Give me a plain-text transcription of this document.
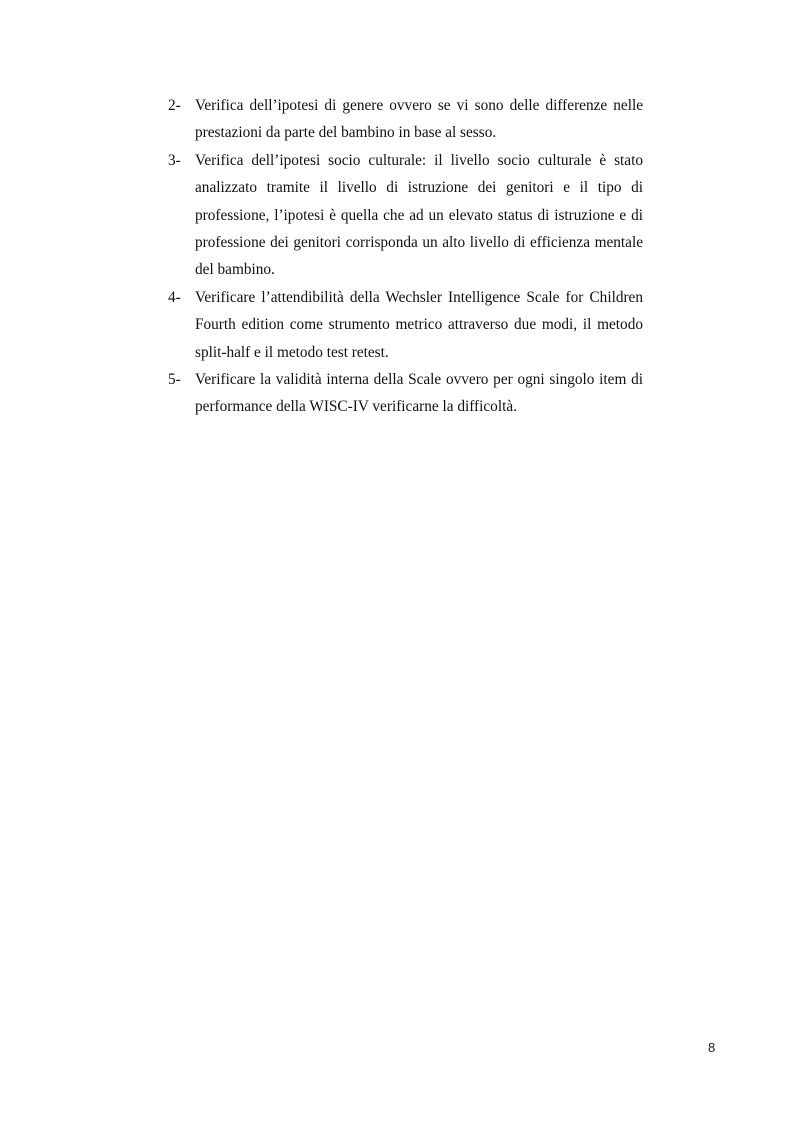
2- Verifica dell’ipotesi di genere ovvero se vi sono delle differenze nelle prestazioni da parte del bambino in base al sesso.
3- Verifica dell’ipotesi socio culturale: il livello socio culturale è stato analizzato tramite il livello di istruzione dei genitori e il tipo di professione, l’ipotesi è quella che ad un elevato status di istruzione e di professione dei genitori corrisponda un alto livello di efficienza mentale del bambino.
4- Verificare l’attendibilità della Wechsler Intelligence Scale for Children Fourth edition come strumento metrico attraverso due modi, il metodo split-half e il metodo test retest.
5- Verificare la validità interna della Scale ovvero per ogni singolo item di performance della WISC-IV verificarne la difficoltà.
8
